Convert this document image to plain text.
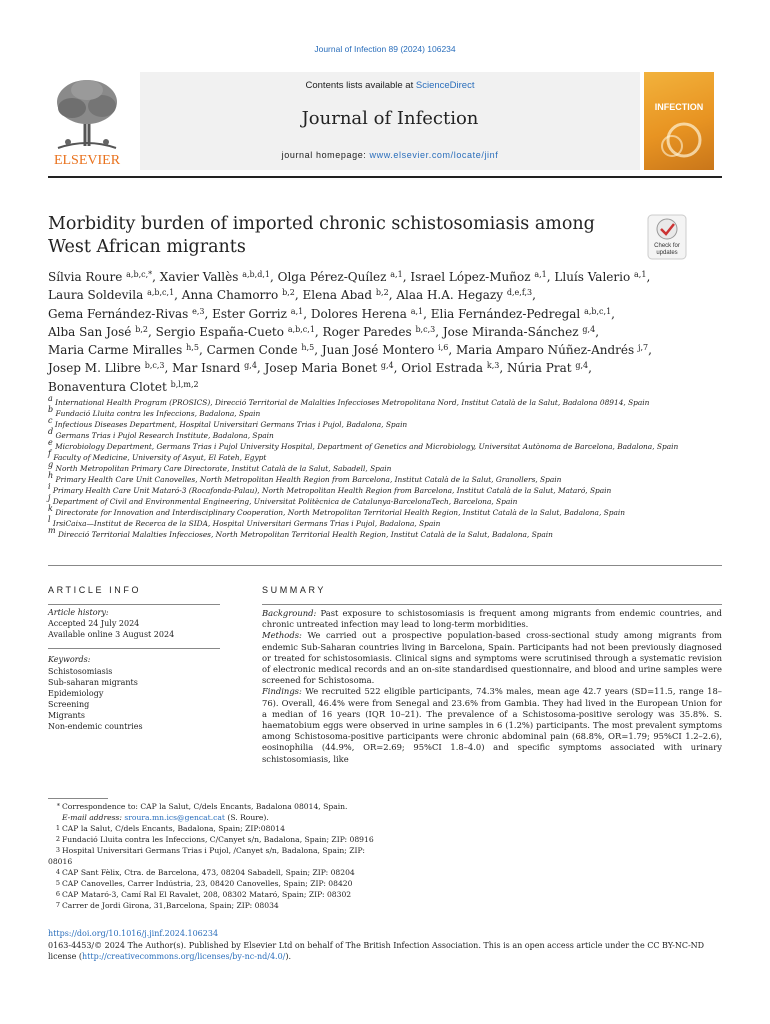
Journal of Infection 89 (2024) 106234
ELSEVIER
Contents lists available at ScienceDirect
Journal of Infection
journal homepage: www.elsevier.com/locate/jinf
INFECTION
Morbidity burden of imported chronic schistosomiasis among West African migrants	Check for
updates
Sílvia Roure $^{a,b,c,*}$, Xavier Vallès $^{a,b,d,1}$, Olga Pérez-Quílez $^{a,1}$, Israel López-Muñoz $^{a,1}$, Lluís Valerio $^{a,1}$, Laura Soldevila $^{a,b,c,1}$, Anna Chamorro $^{b,2}$, Elena Abad $^{b,2}$, Alaa H.A. Hegazy $^{d,e,f,3}$, Gema Fernández-Rivas $^{e,3}$, Ester Gorriz $^{a,1}$, Dolores Herena $^{a,1}$, Elia Fernández-Pedregal $^{a,b,c,1}$, Alba San José $^{b,2}$, Sergio España-Cueto $^{a,b,c,1}$, Roger Paredes $^{b,c,3}$, Jose Miranda-Sánchez $^{g,4}$, Maria Carme Miralles $^{h,5}$, Carmen Conde $^{h,5}$, Juan José Montero $^{i,6}$, Maria Amparo Núñez-Andrés $^{j,7}$, Josep M. Llibre $^{b,c,3}$, Mar Isnard $^{g,4}$, Josep Maria Bonet $^{g,4}$, Oriol Estrada $^{k,3}$, Núria Prat $^{g,4}$, Bonaventura Clotet $^{b,l,m,2}$
$^a$ International Health Program (PROSICS), Direcció Territorial de Malalties Infeccioses Metropolitana Nord, Institut Català de la Salut, Badalona 08914, Spain
$^b$ Fundació Lluita contra les Infeccions, Badalona, Spain
$^c$ Infectious Diseases Department, Hospital Universitari Germans Trias i Pujol, Badalona, Spain
$^d$ Germans Trias i Pujol Research Institute, Badalona, Spain
$^e$ Microbiology Department, Germans Trias i Pujol University Hospital, Department of Genetics and Microbiology, Universitat Autònoma de Barcelona, Badalona, Spain
$^f$ Faculty of Medicine, University of Asyut, El Fateh, Egypt
$^g$ North Metropolitan Primary Care Directorate, Institut Català de la Salut, Sabadell, Spain
$^h$ Primary Health Care Unit Canovelles, North Metropolitan Health Region from Barcelona, Institut Català de la Salut, Granollers, Spain
$^i$ Primary Health Care Unit Mataró-3 (Rocafonda-Palau), North Metropolitan Health Region from Barcelona, Institut Català de la Salut, Mataró, Spain
$^j$ Department of Civil and Environmental Engineering, Universitat Politècnica de Catalunya-BarcelonaTech, Barcelona, Spain
$^k$ Directorate for Innovation and Interdisciplinary Cooperation, North Metropolitan Territorial Health Region, Institut Català de la Salut, Badalona, Spain
$^l$ IrsiCaixa—Institut de Recerca de la SIDA, Hospital Universitari Germans Trias i Pujol, Badalona, Spain
$^m$ Direcció Territorial Malalties Infeccioses, North Metropolitan Territorial Health Region, Institut Català de la Salut, Badalona, Spain
ARTICLE INFO
Article history:
Accepted 24 July 2024
Available online 3 August 2024
Keywords:
Schistosomiasis
Sub-saharan migrants
Epidemiology
Screening
Migrants
Non-endemic countries
SUMMARY

Background: Past exposure to schistosomiasis is frequent among migrants from endemic countries, and chronic untreated infection may lead to long-term morbidities.

Methods: We carried out a prospective population-based cross-sectional study among migrants from endemic Sub-Saharan countries living in Barcelona, Spain. Participants had not been previously diagnosed or treated for schistosomiasis. Clinical signs and symptoms were scrutinised through a systematic revision of electronic medical records and an on-site standardised questionnaire, and blood and urine samples were screened for Schistosoma.

Findings: We recruited 522 eligible participants, 74.3% males, mean age 42.7 years (SD=11.5, range 18–76). Overall, 46.4% were from Senegal and 23.6% from Gambia. They had lived in the European Union for a median of 16 years (IQR 10–21). The prevalence of a Schistosoma-positive serology was 35.8%. S. haematobium eggs were observed in urine samples in 6 (1.2%) participants. The most prevalent symptoms among Schistosoma-positive participants were chronic abdominal pain (68.8%, OR=1.79; 95%CI 1.2–2.6), eosinophilia (44.9%, OR=2.69; 95%CI 1.8–4.0) and specific symptoms associated with urinary schistosomiasis, like

* Correspondence to: CAP la Salut, C/dels Encants, Badalona 08014, Spain.
E-mail address: sroura.mn.ics@gencat.cat (S. Roure).
1 CAP la Salut, C/dels Encants, Badalona, Spain; ZIP:08014
2 Fundació Lluita contra les Infeccions, C/Canyet s/n, Badalona, Spain; ZIP: 08916
3 Hospital Universitari Germans Trias i Pujol, /Canyet s/n, Badalona, Spain; ZIP: 08016
4 CAP Sant Fèlix, Ctra. de Barcelona, 473, 08204 Sabadell, Spain; ZIP: 08204
5 CAP Canovelles, Carrer Indústria, 23, 08420 Canovelles, Spain; ZIP: 08420
6 CAP Mataró-3, Camí Ral El Ravalet, 208, 08302 Mataró, Spain; ZIP: 08302
7 Carrer de Jordi Girona, 31,Barcelona, Spain; ZIP: 08034
https://doi.org/10.1016/j.jinf.2024.106234
0163-4453/© 2024 The Author(s). Published by Elsevier Ltd on behalf of The British Infection Association. This is an open access article under the CC BY-NC-ND license (http://creativecommons.org/licenses/by-nc-nd/4.0/).
